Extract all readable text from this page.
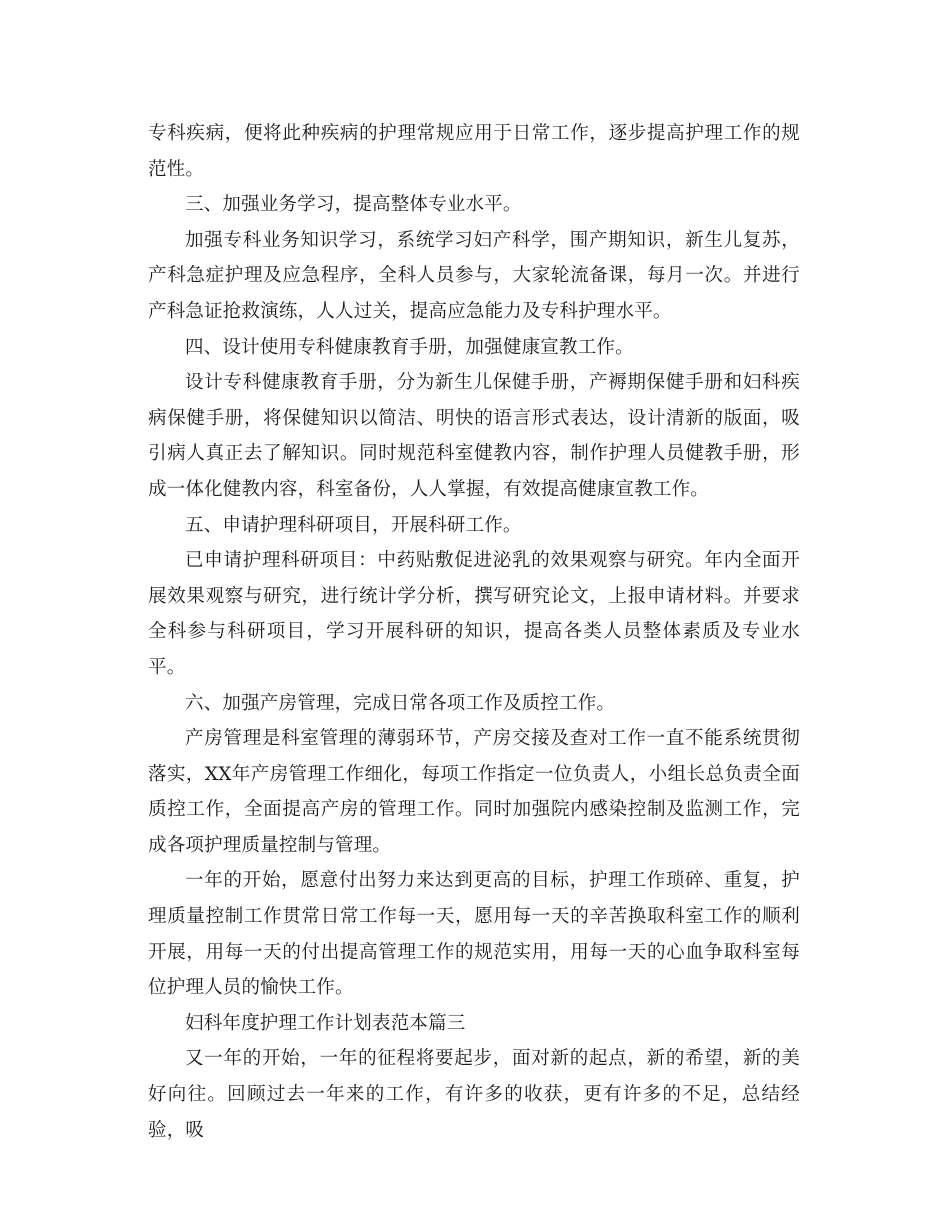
专科疾病，便将此种疾病的护理常规应用于日常工作，逐步提高护理工作的规范性。

三、加强业务学习，提高整体专业水平。

加强专科业务知识学习，系统学习妇产科学，围产期知识，新生儿复苏，产科急症护理及应急程序，全科人员参与，大家轮流备课，每月一次。并进行产科急证抢救演练，人人过关，提高应急能力及专科护理水平。

四、设计使用专科健康教育手册，加强健康宣教工作。

设计专科健康教育手册，分为新生儿保健手册，产褥期保健手册和妇科疾病保健手册，将保健知识以简洁、明快的语言形式表达，设计清新的版面，吸引病人真正去了解知识。同时规范科室健教内容，制作护理人员健教手册，形成一体化健教内容，科室备份，人人掌握，有效提高健康宣教工作。

五、申请护理科研项目，开展科研工作。

已申请护理科研项目：中药贴敷促进泌乳的效果观察与研究。年内全面开展效果观察与研究，进行统计学分析，撰写研究论文，上报申请材料。并要求全科参与科研项目，学习开展科研的知识，提高各类人员整体素质及专业水平。

六、加强产房管理，完成日常各项工作及质控工作。

产房管理是科室管理的薄弱环节，产房交接及查对工作一直不能系统贯彻落实，XX年产房管理工作细化，每项工作指定一位负责人，小组长总负责全面质控工作，全面提高产房的管理工作。同时加强院内感染控制及监测工作，完成各项护理质量控制与管理。

一年的开始，愿意付出努力来达到更高的目标，护理工作琐碎、重复，护理质量控制工作贯常日常工作每一天，愿用每一天的辛苦换取科室工作的顺利开展，用每一天的付出提高管理工作的规范实用，用每一天的心血争取科室每位护理人员的愉快工作。

妇科年度护理工作计划表范本篇三

又一年的开始，一年的征程将要起步，面对新的起点，新的希望，新的美好向往。回顾过去一年来的工作，有许多的收获，更有许多的不足，总结经验，吸
